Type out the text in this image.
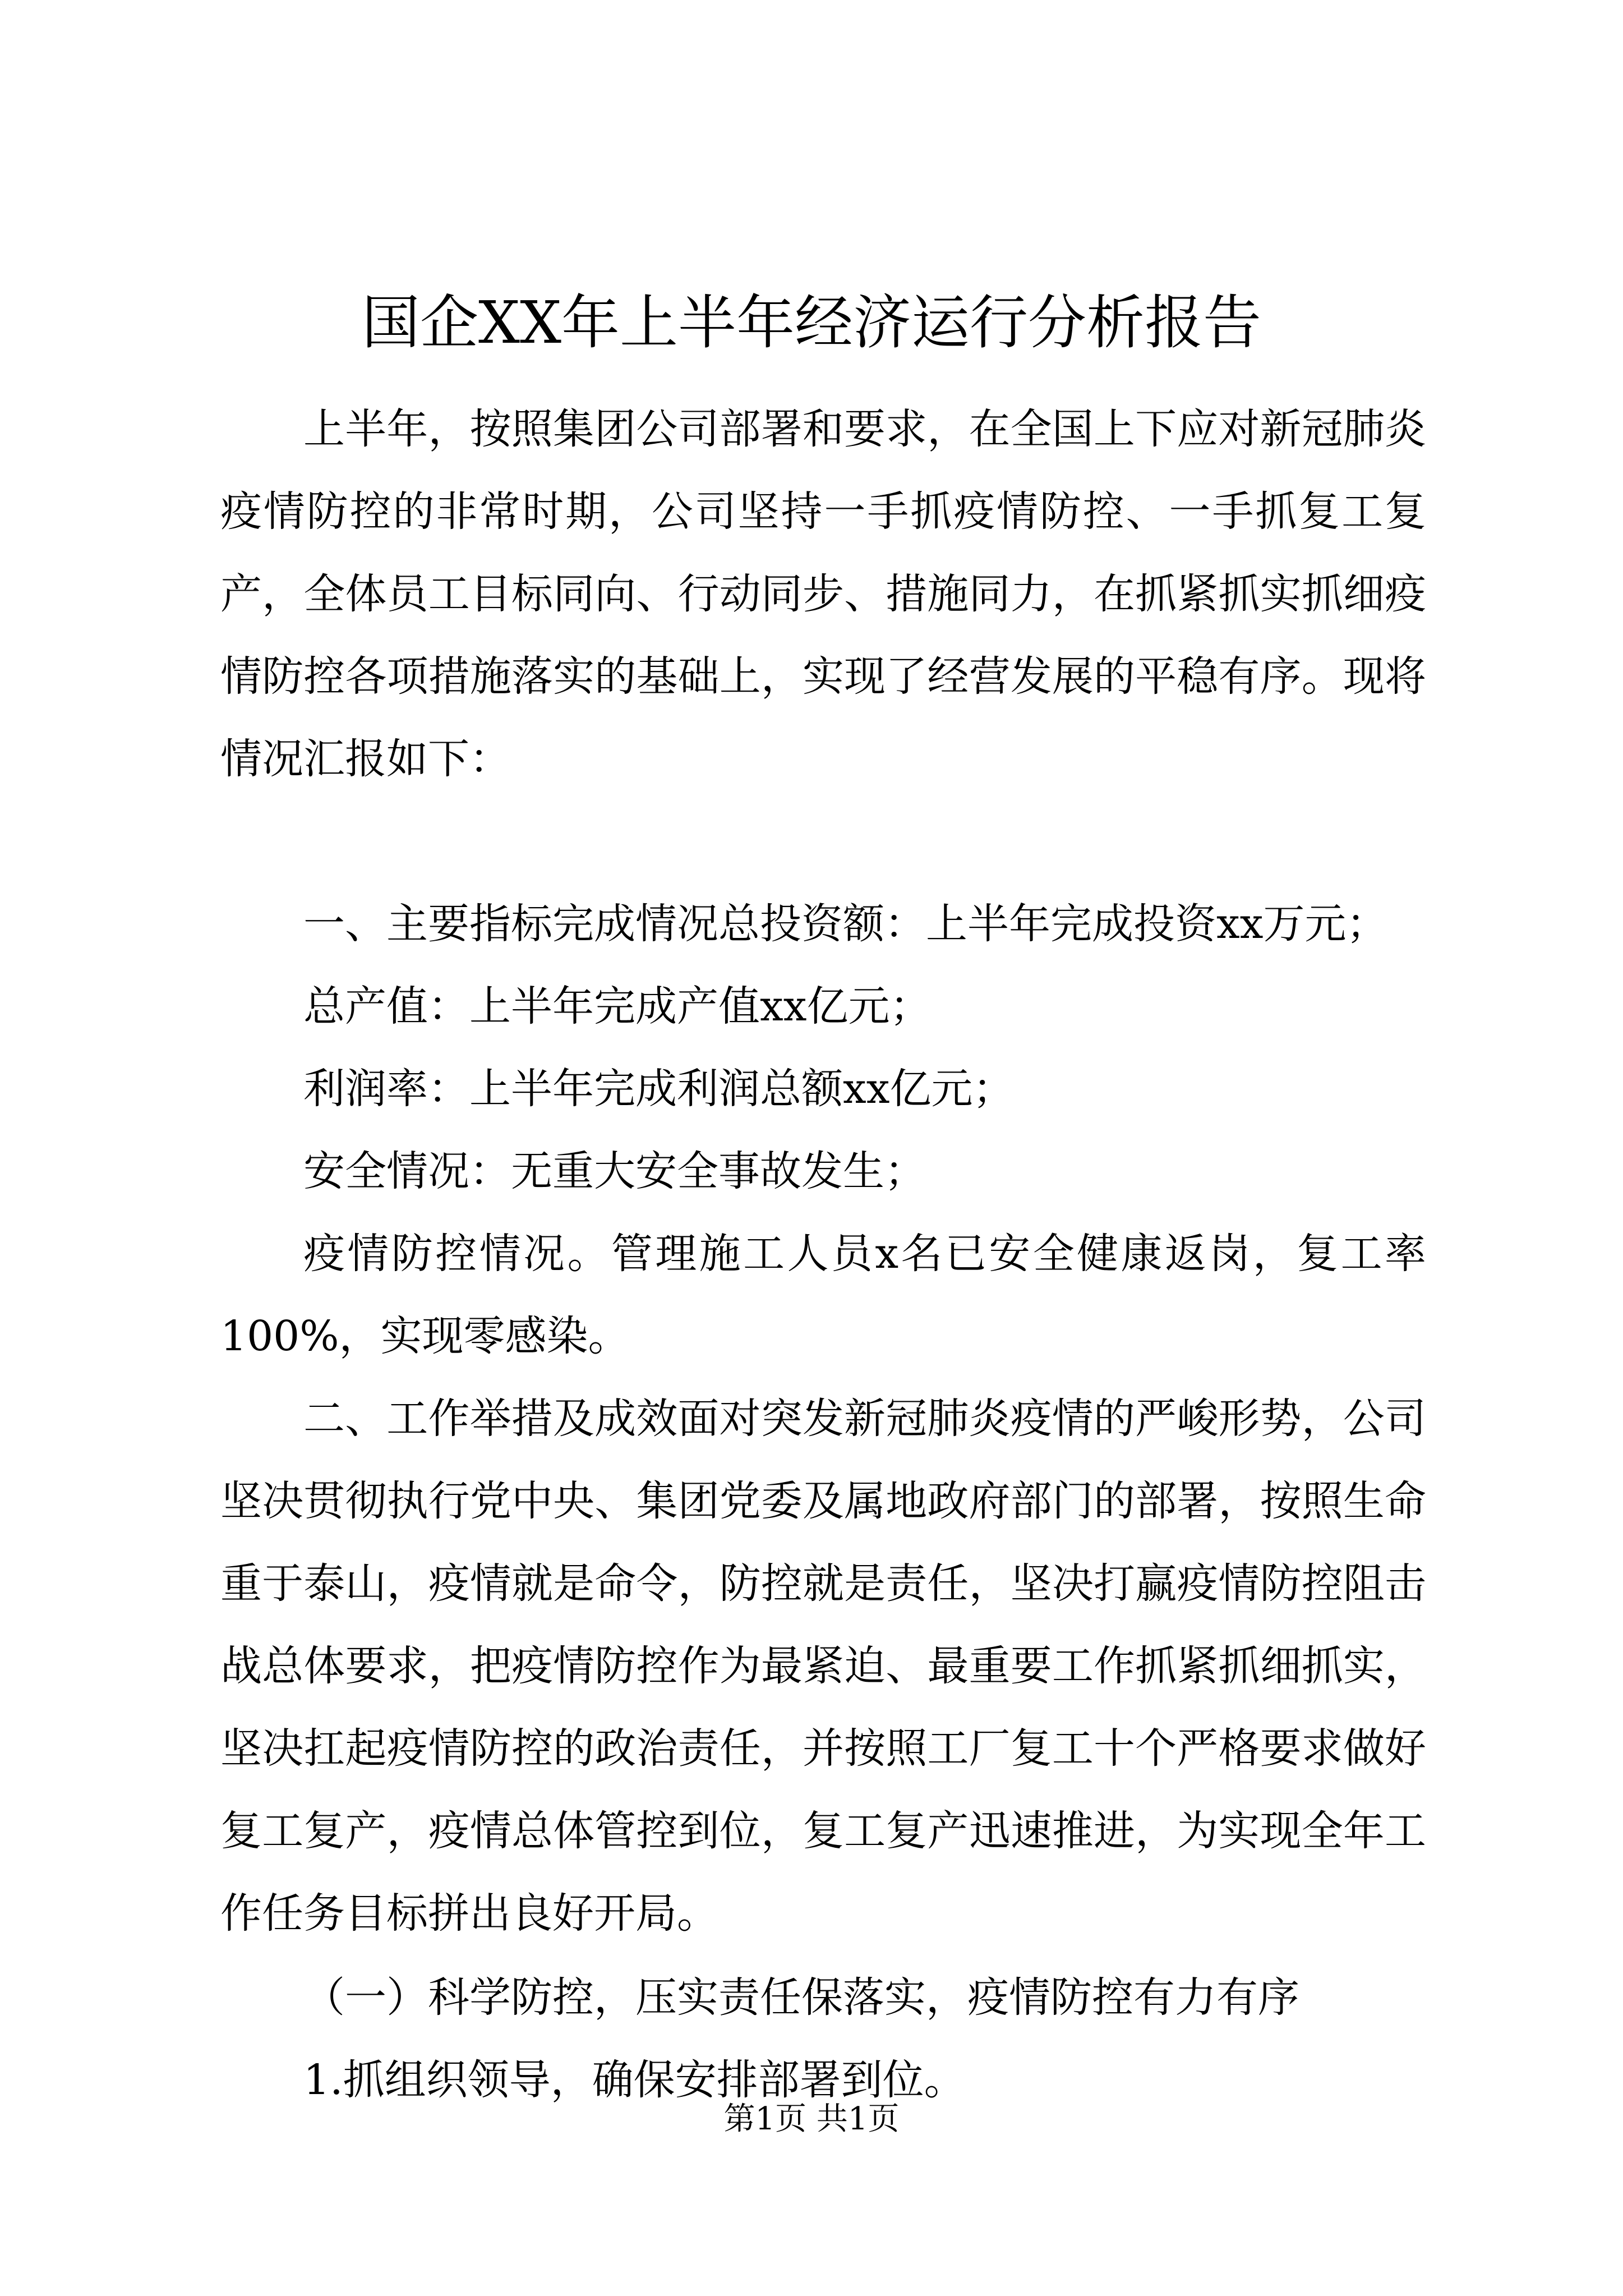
国企XX年上半年经济运行分析报告

上半年，按照集团公司部署和要求，在全国上下应对新冠肺炎疫情防控的非常时期，公司坚持一手抓疫情防控、一手抓复工复产，全体员工目标同向、行动同步、措施同力，在抓紧抓实抓细疫情防控各项措施落实的基础上，实现了经营发展的平稳有序。现将情况汇报如下：

一、主要指标完成情况总投资额：上半年完成投资xx万元；

总产值：上半年完成产值xx亿元；

利润率：上半年完成利润总额xx亿元；

安全情况：无重大安全事故发生；

疫情防控情况。管理施工人员x名已安全健康返岗，复工率100%，实现零感染。

二、工作举措及成效面对突发新冠肺炎疫情的严峻形势，公司坚决贯彻执行党中央、集团党委及属地政府部门的部署，按照生命重于泰山，疫情就是命令，防控就是责任，坚决打赢疫情防控阻击战总体要求，把疫情防控作为最紧迫、最重要工作抓紧抓细抓实，坚决扛起疫情防控的政治责任，并按照工厂复工十个严格要求做好复工复产，疫情总体管控到位，复工复产迅速推进，为实现全年工作任务目标拼出良好开局。

（一）科学防控，压实责任保落实，疫情防控有力有序

1.抓组织领导，确保安排部署到位。

第1页 共1页
